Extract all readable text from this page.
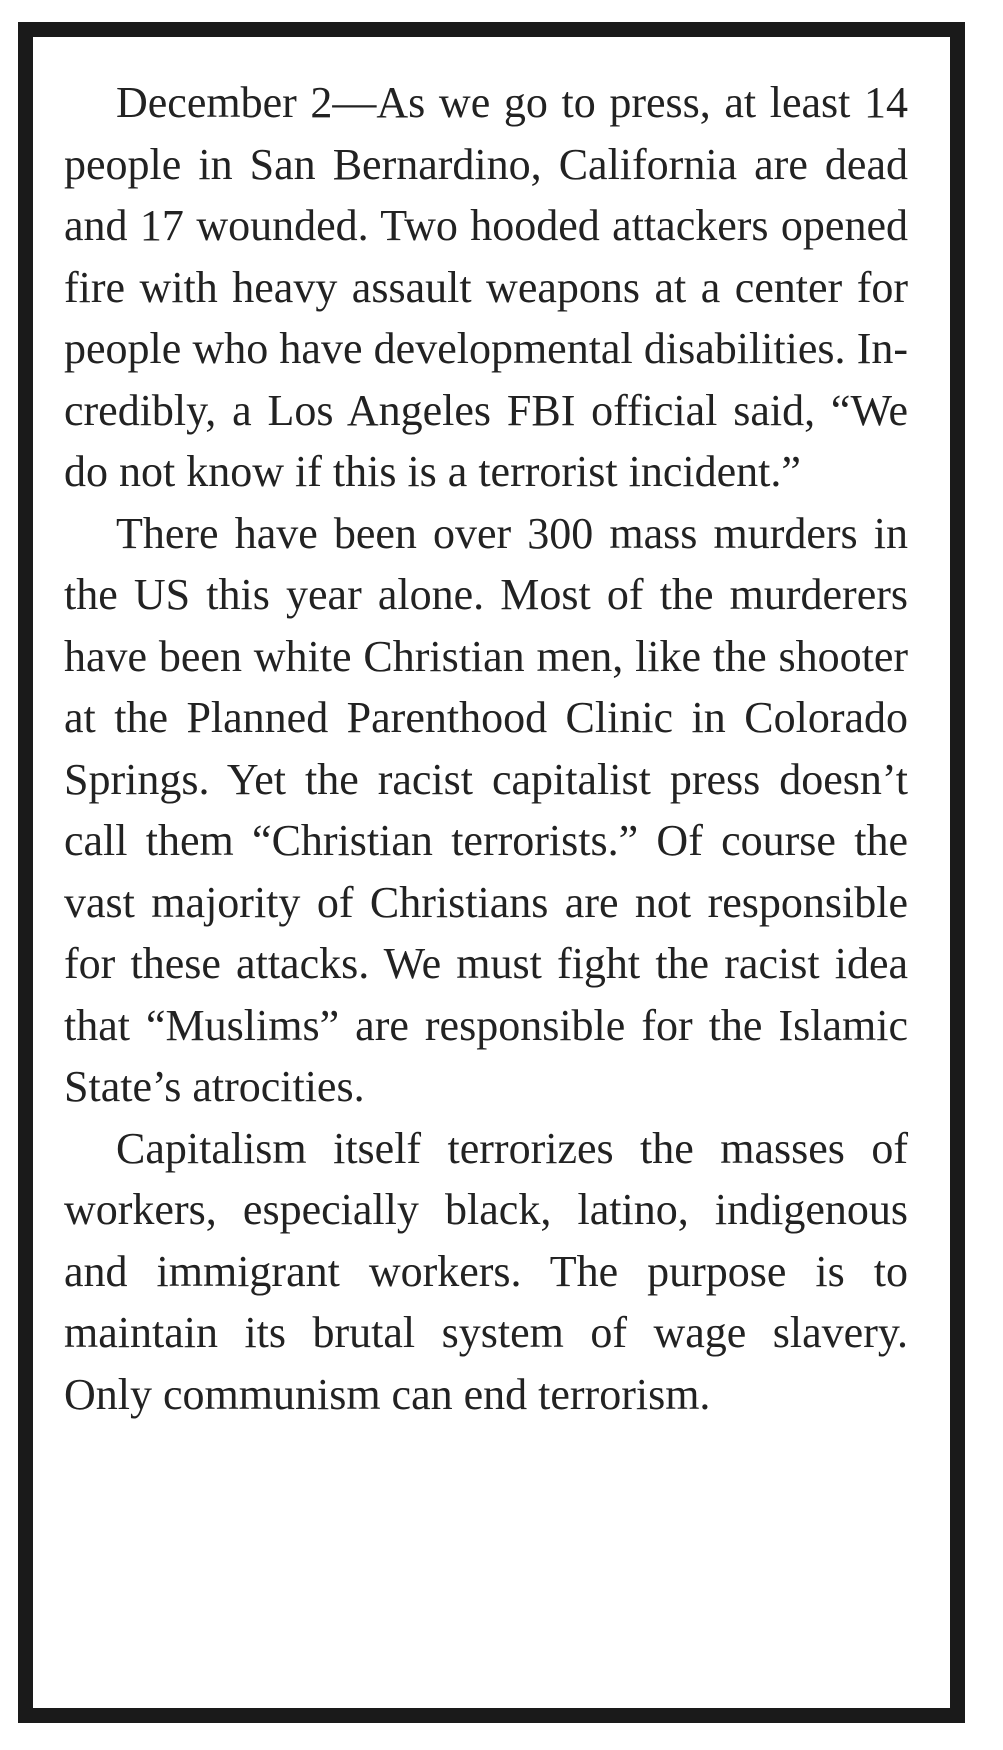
December 2—As we go to press, at least 14 people in San Bernardino, California are dead and 17 wounded. Two hooded attackers opened fire with heavy assault weapons at a center for people who have developmental disabilities. Incredibly, a Los Angeles FBI official said, “We do not know if this is a terrorist incident.”

There have been over 300 mass murders in the US this year alone. Most of the murderers have been white Christian men, like the shooter at the Planned Parenthood Clinic in Colorado Springs. Yet the racist capitalist press doesn’t call them “Christian terrorists.” Of course the vast majority of Christians are not responsible for these attacks. We must fight the racist idea that “Muslims” are responsible for the Islamic State’s atrocities.

Capitalism itself terrorizes the masses of workers, especially black, latino, indigenous and immigrant workers. The purpose is to maintain its brutal system of wage slavery. Only communism can end terrorism.
